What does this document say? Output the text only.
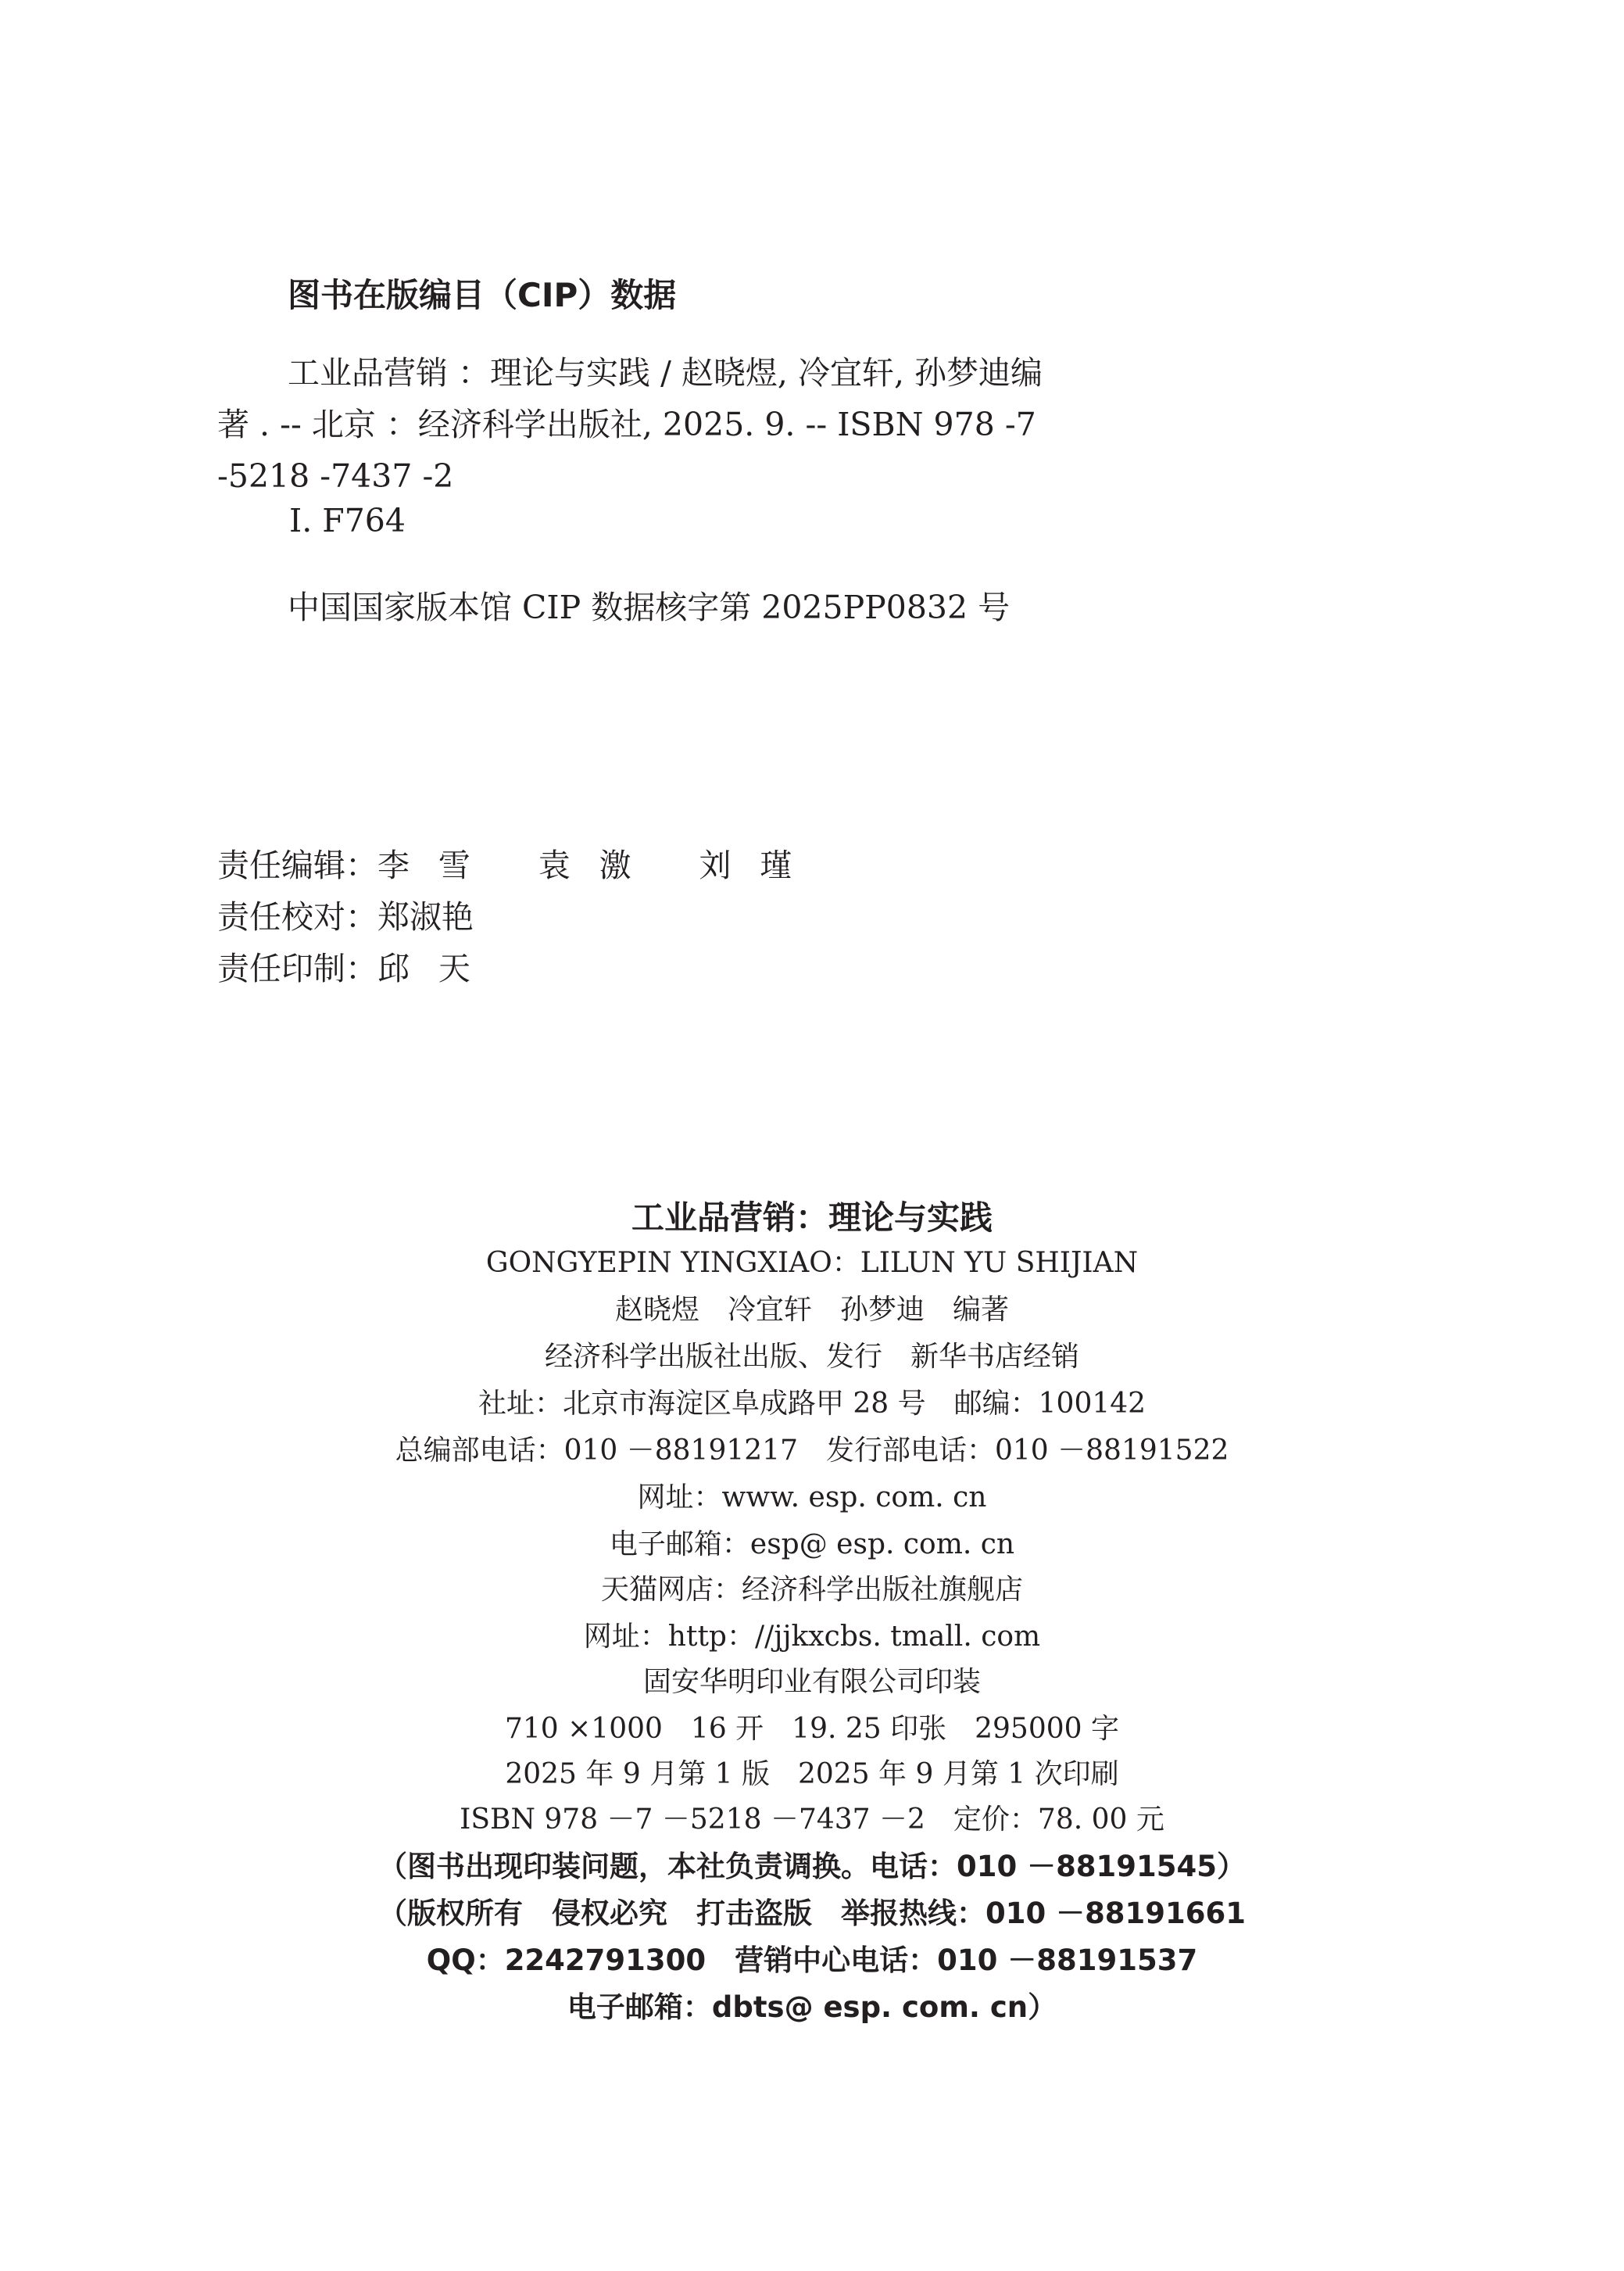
图书在版编目（CIP）数据
工业品营销 ：理论与实践 / 赵晓煜, 冷宜轩, 孙梦迪编著 . -- 北京 ：经济科学出版社, 2025. 9. -- ISBN 978 -7 -5218 -7437 -2
Ⅰ. F764
中国国家版本馆 CIP 数据核字第 2025PP0832 号
责任编辑：李雪 袁激 刘瑾
责任校对：郑淑艳
责任印制：邱天
工业品营销：理论与实践
GONGYEPIN YINGXIAO：LILUN YU SHIJIAN
赵晓煜　冷宜轩　孙梦迪　编著
经济科学出版社出版、发行　新华书店经销
社址：北京市海淀区阜成路甲 28 号　邮编：100142
总编部电话：010 －88191217　发行部电话：010 －88191522
网址：www. esp. com. cn
电子邮箱：esp@ esp. com. cn
天猫网店：经济科学出版社旗舰店
网址：http：//jjkxcbs. tmall. com
固安华明印业有限公司印装
710 ×1000　16 开　19. 25 印张　295000 字
2025 年 9 月第 1 版　2025 年 9 月第 1 次印刷
ISBN 978 －7 －5218 －7437 －2　定价：78. 00 元
（图书出现印装问题，本社负责调换。电话：010 －88191545）
（版权所有　侵权必究　打击盗版　举报热线：010 －88191661
QQ：2242791300　营销中心电话：010 －88191537
电子邮箱：dbts@ esp. com. cn）
